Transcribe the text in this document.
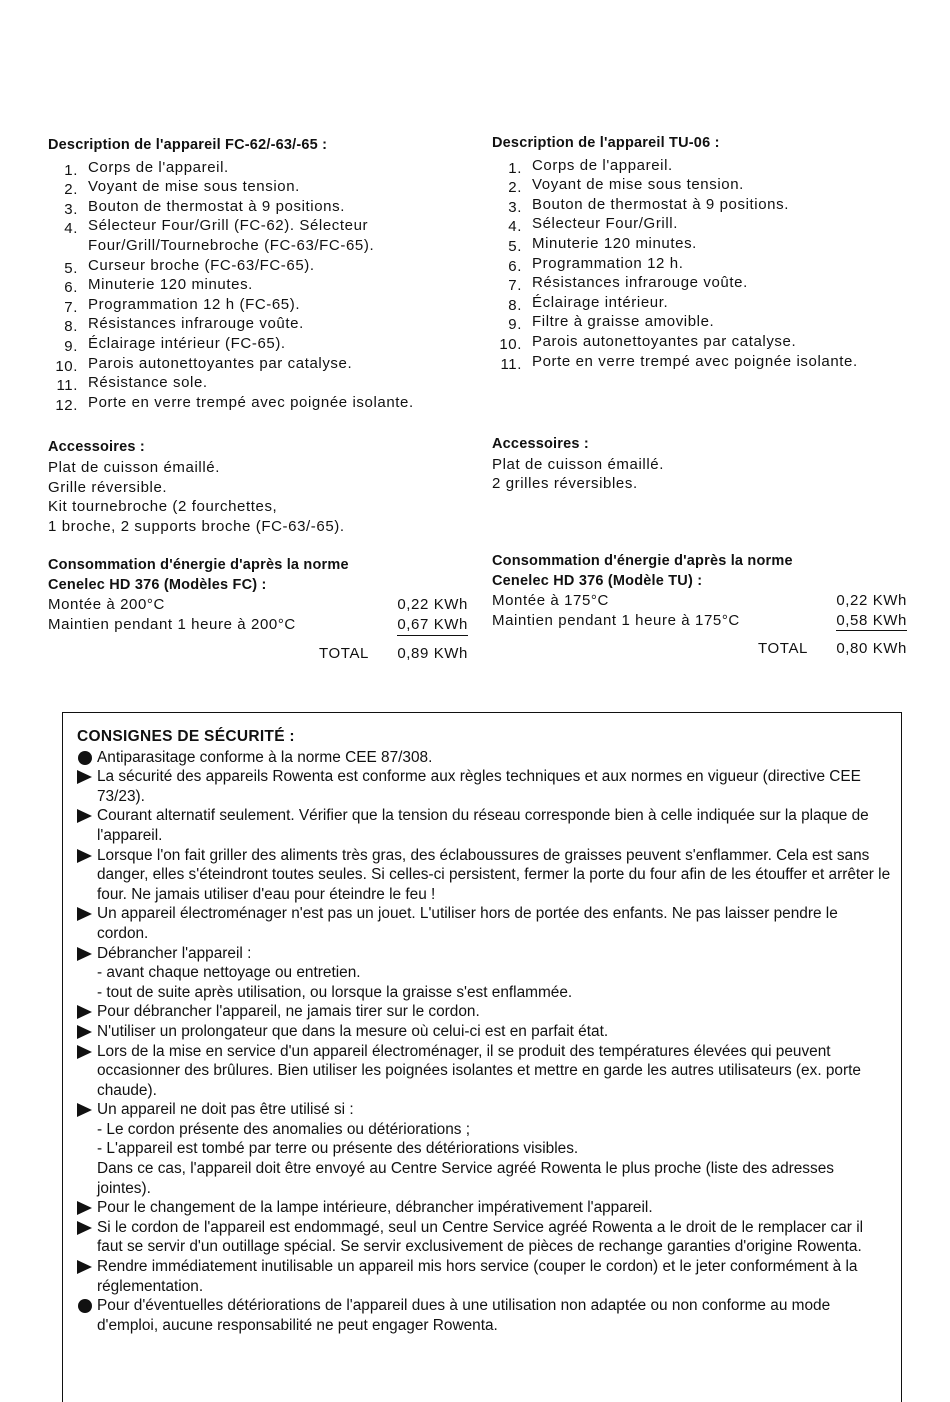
Description de l'appareil FC-62/-63/-65 :

1. Corps de l'appareil.
2. Voyant de mise sous tension.
3. Bouton de thermostat à 9 positions.
4. Sélecteur Four/Grill (FC-62). Sélecteur Four/Grill/Tournebroche (FC-63/FC-65).
5. Curseur broche (FC-63/FC-65).
6. Minuterie 120 minutes.
7. Programmation 12 h (FC-65).
8. Résistances infrarouge voûte.
9. Éclairage intérieur (FC-65).
10. Parois autonettoyantes par catalyse.
11. Résistance sole.
12. Porte en verre trempé avec poignée isolante.

Accessoires :

Plat de cuisson émaillé.
Grille réversible.
Kit tournebroche (2 fourchettes,
1 broche, 2 supports broche (FC-63/-65).

Consommation d'énergie d'après la norme

Cenelec HD 376 (Modèles FC) :

Montée à 200°C	0,22 KWh
Maintien pendant 1 heure à 200°C	0,67 KWh
TOTAL	0,89 KWh

Description de l'appareil TU-06 :

1. Corps de l'appareil.
2. Voyant de mise sous tension.
3. Bouton de thermostat à 9 positions.
4. Sélecteur Four/Grill.
5. Minuterie 120 minutes.
6. Programmation 12 h.
7. Résistances infrarouge voûte.
8. Éclairage intérieur.
9. Filtre à graisse amovible.
10. Parois autonettoyantes par catalyse.
11. Porte en verre trempé avec poignée isolante.

Accessoires :

Plat de cuisson émaillé.
2 grilles réversibles.

Consommation d'énergie d'après la norme

Cenelec HD 376 (Modèle TU) :

Montée à 175°C	0,22 KWh
Maintien pendant 1 heure à 175°C	0,58 KWh
TOTAL	0,80 KWh

CONSIGNES DE SÉCURITÉ :

Antiparasitage conforme à la norme CEE 87/308.
La sécurité des appareils Rowenta est conforme aux règles techniques et aux normes en vigueur (directive CEE 73/23).
Courant alternatif seulement. Vérifier que la tension du réseau corresponde bien à celle indiquée sur la plaque de l'appareil.
Lorsque l'on fait griller des aliments très gras, des éclaboussures de graisses peuvent s'enflammer. Cela est sans danger, elles s'éteindront toutes seules. Si celles-ci persistent, fermer la porte du four afin de les étouffer et arrêter le four. Ne jamais utiliser d'eau pour éteindre le feu !
Un appareil électroménager n'est pas un jouet. L'utiliser hors de portée des enfants. Ne pas laisser pendre le cordon.
Débrancher l'appareil :
- avant chaque nettoyage ou entretien.
- tout de suite après utilisation, ou lorsque la graisse s'est enflammée.
Pour débrancher l'appareil, ne jamais tirer sur le cordon.
N'utiliser un prolongateur que dans la mesure où celui-ci est en parfait état.
Lors de la mise en service d'un appareil électroménager, il se produit des températures élevées qui peuvent occasionner des brûlures. Bien utiliser les poignées isolantes et mettre en garde les autres utilisateurs (ex. porte chaude).
Un appareil ne doit pas être utilisé si :
- Le cordon présente des anomalies ou détériorations ;
- L'appareil est tombé par terre ou présente des détériorations visibles.
Dans ce cas, l'appareil doit être envoyé au Centre Service agréé Rowenta le plus proche (liste des adresses jointes).
Pour le changement de la lampe intérieure, débrancher impérativement l'appareil.
Si le cordon de l'appareil est endommagé, seul un Centre Service agréé Rowenta a le droit de le remplacer car il faut se servir d'un outillage spécial. Se servir exclusivement de pièces de rechange garanties d'origine Rowenta.
Rendre immédiatement inutilisable un appareil mis hors service (couper le cordon) et le jeter conformément à la réglementation.
Pour d'éventuelles détériorations de l'appareil dues à une utilisation non adaptée ou non conforme au mode d'emploi, aucune responsabilité ne peut engager Rowenta.
